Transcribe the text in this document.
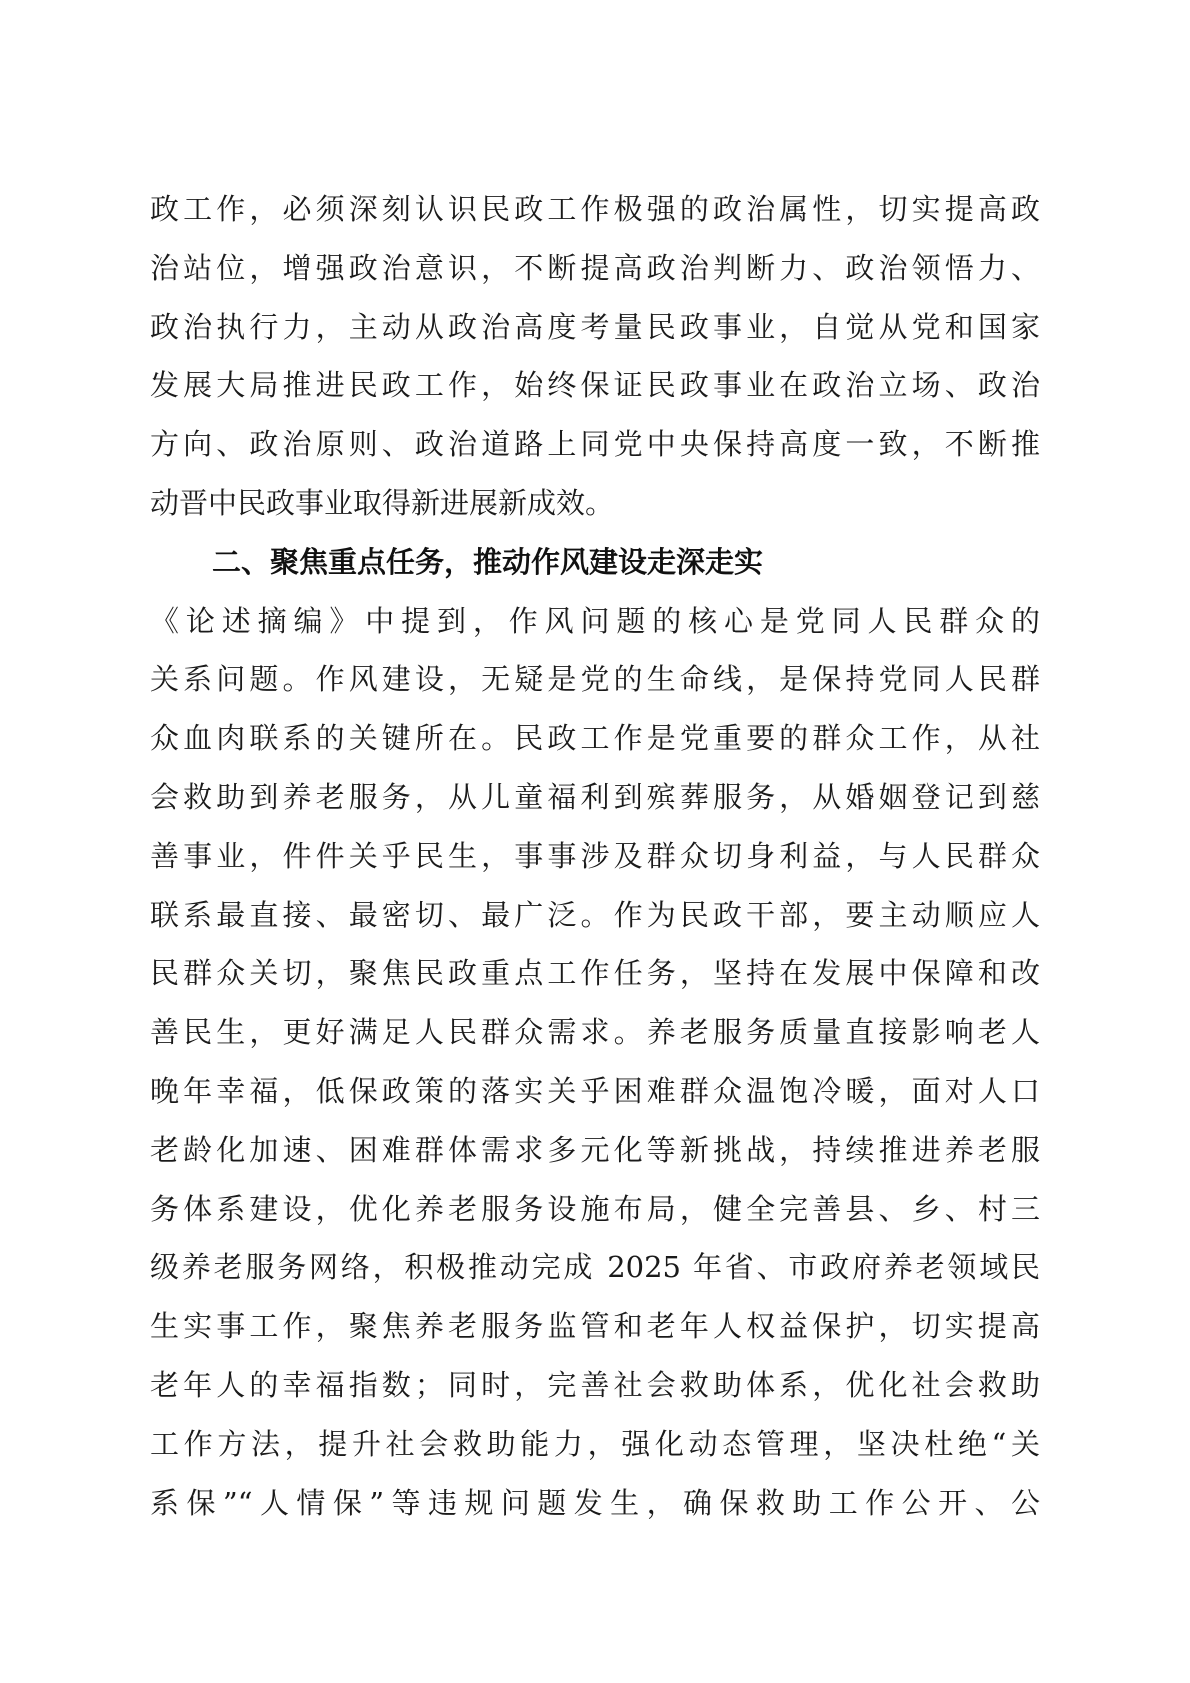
政工作，必须深刻认识民政工作极强的政治属性，切实提高政
治站位，增强政治意识，不断提高政治判断力、政治领悟力、
政治执行力，主动从政治高度考量民政事业，自觉从党和国家
发展大局推进民政工作，始终保证民政事业在政治立场、政治
方向、政治原则、政治道路上同党中央保持高度一致，不断推
动晋中民政事业取得新进展新成效。
二、聚焦重点任务，推动作风建设走深走实
《论述摘编》中提到，作风问题的核心是党同人民群众的
关系问题。作风建设，无疑是党的生命线，是保持党同人民群
众血肉联系的关键所在。民政工作是党重要的群众工作，从社
会救助到养老服务，从儿童福利到殡葬服务，从婚姻登记到慈
善事业，件件关乎民生，事事涉及群众切身利益，与人民群众
联系最直接、最密切、最广泛。作为民政干部，要主动顺应人
民群众关切，聚焦民政重点工作任务，坚持在发展中保障和改
善民生，更好满足人民群众需求。养老服务质量直接影响老人
晚年幸福，低保政策的落实关乎困难群众温饱冷暖，面对人口
老龄化加速、困难群体需求多元化等新挑战，持续推进养老服
务体系建设，优化养老服务设施布局，健全完善县、乡、村三
级养老服务网络，积极推动完成 2025 年省、市政府养老领域民
生实事工作，聚焦养老服务监管和老年人权益保护，切实提高
老年人的幸福指数；同时，完善社会救助体系，优化社会救助
工作方法，提升社会救助能力，强化动态管理，坚决杜绝“关
系保”“人情保”等违规问题发生，确保救助工作公开、公
